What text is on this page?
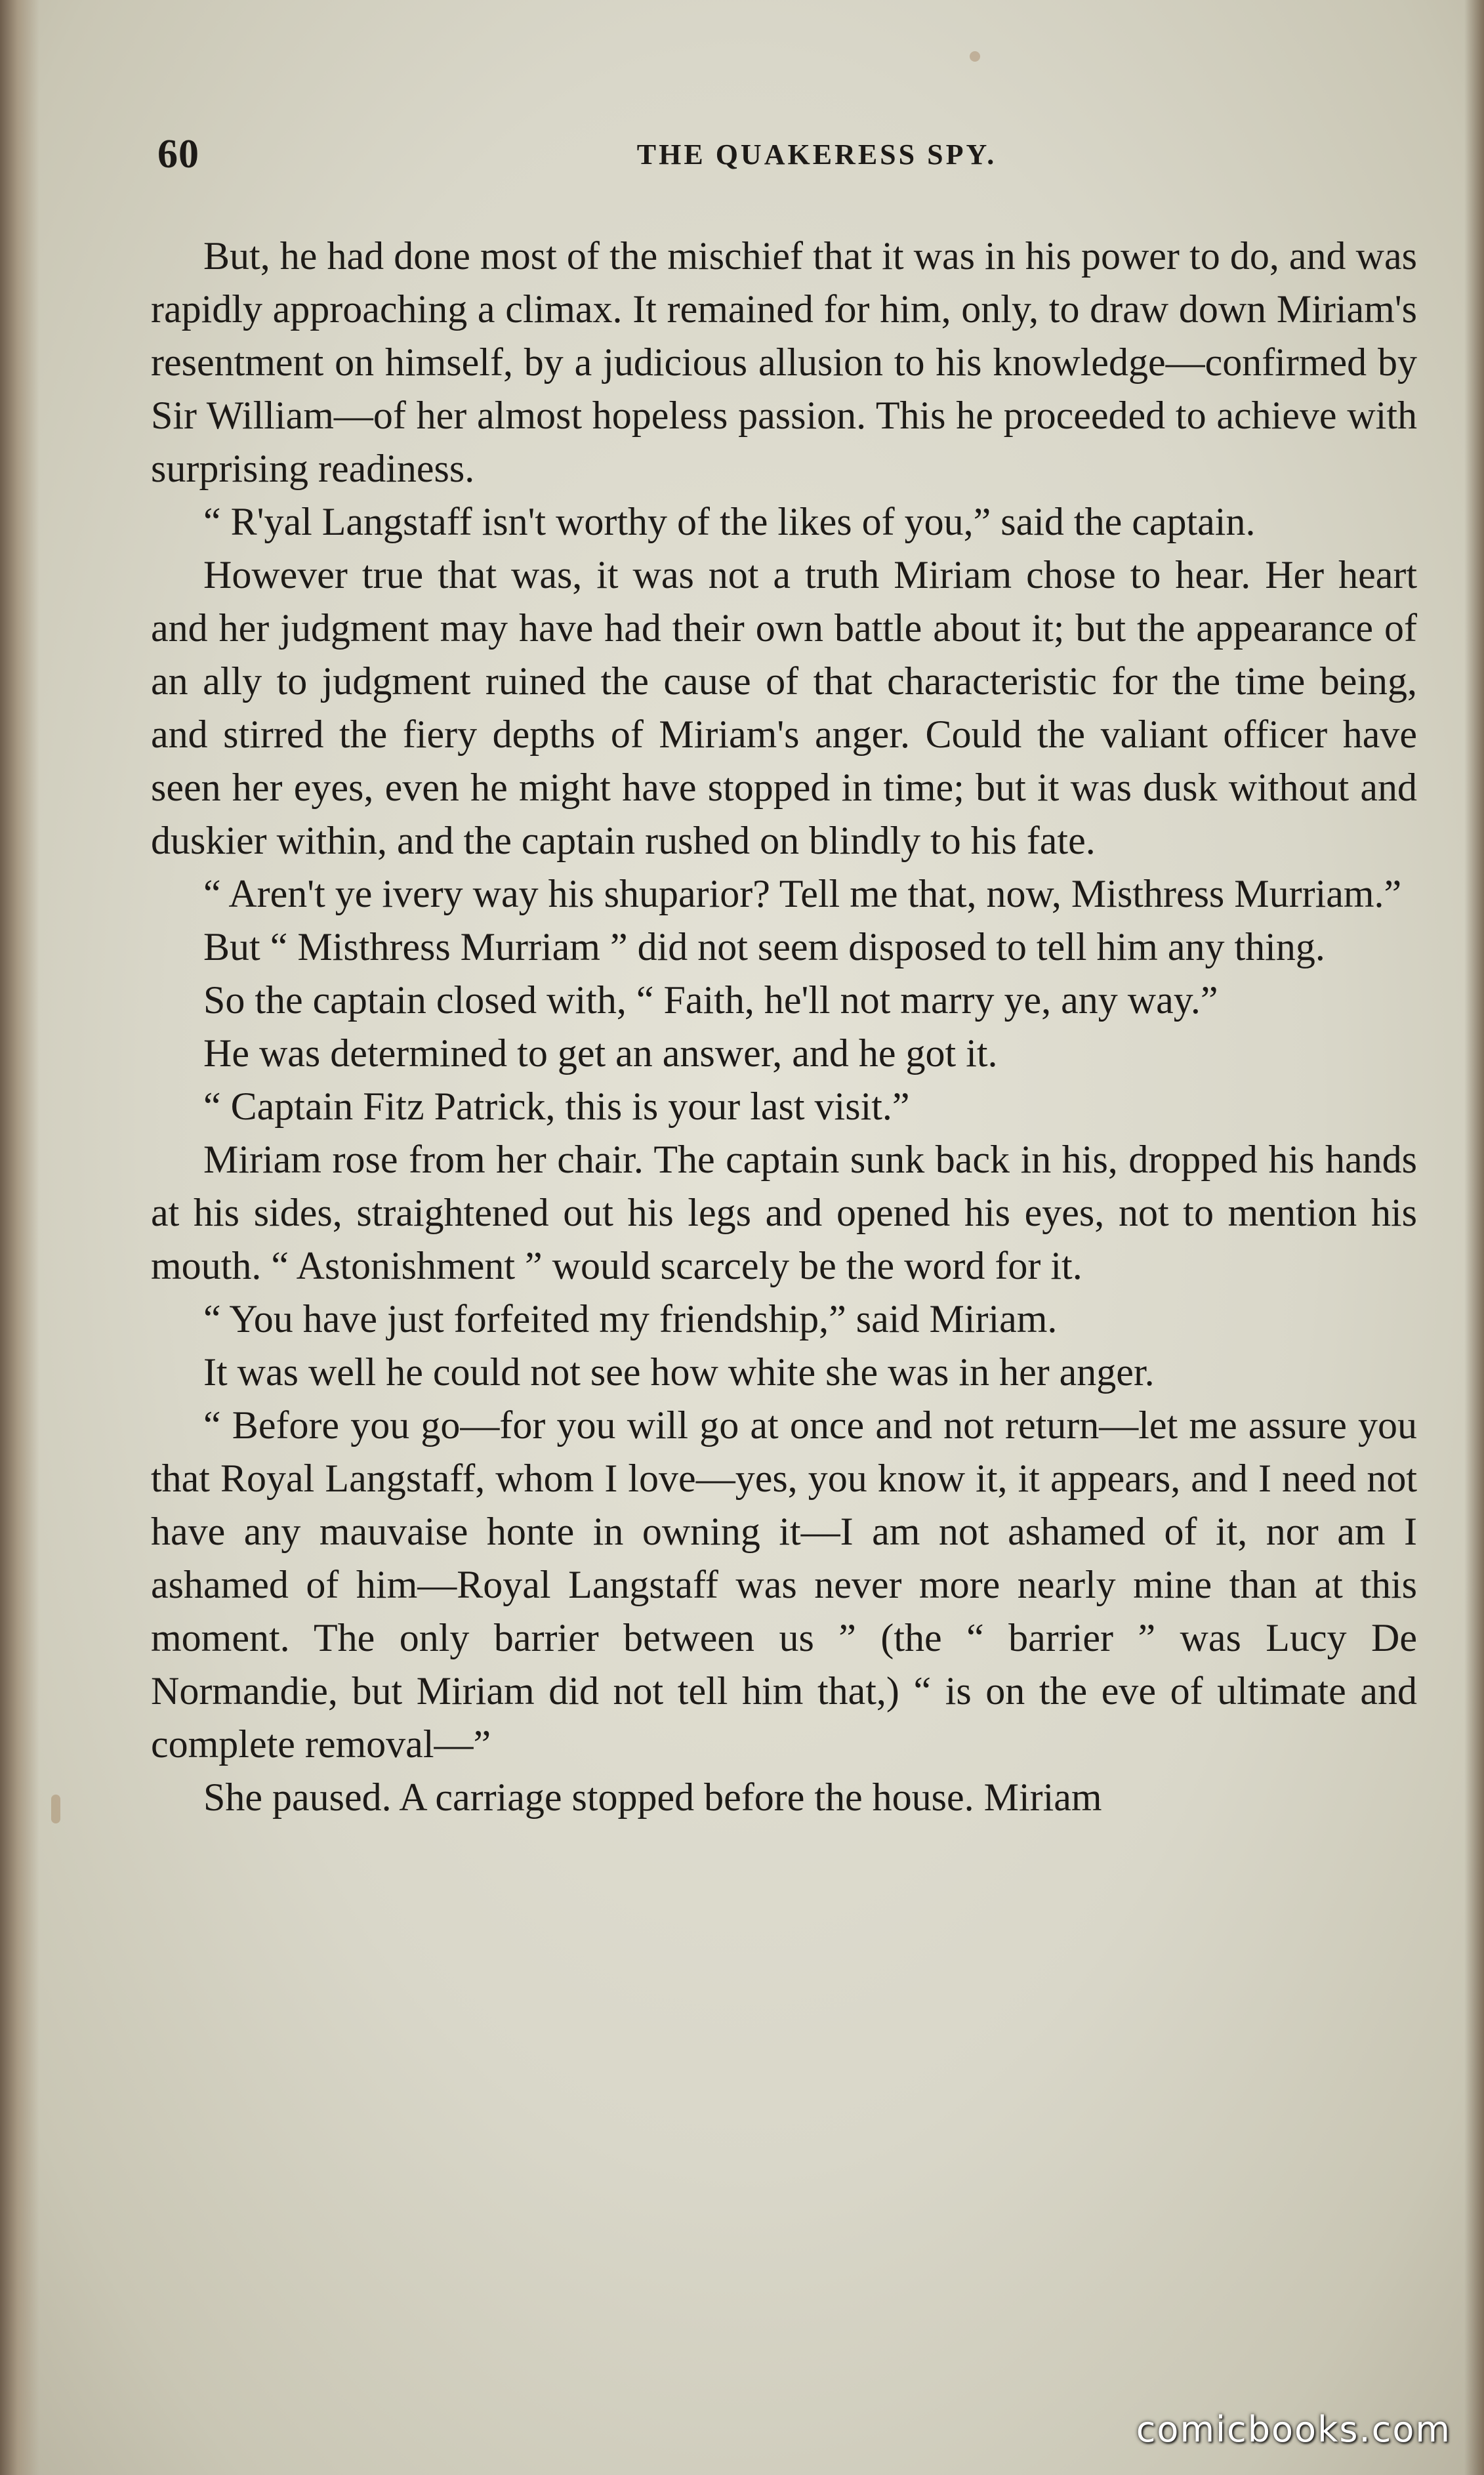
60	THE QUAKERESS SPY.

But, he had done most of the mischief that it was in his power to do, and was rapidly approaching a climax. It remained for him, only, to draw down Miriam's resentment on himself, by a judicious allusion to his knowledge—confirmed by Sir William—of her almost hopeless passion. This he proceeded to achieve with surprising readiness.

“ R'yal Langstaff isn't worthy of the likes of you,” said the captain.

However true that was, it was not a truth Miriam chose to hear. Her heart and her judgment may have had their own battle about it; but the appearance of an ally to judgment ruined the cause of that characteristic for the time being, and stirred the fiery depths of Miriam's anger. Could the valiant officer have seen her eyes, even he might have stopped in time; but it was dusk without and duskier within, and the captain rushed on blindly to his fate.

“ Aren't ye ivery way his shuparior? Tell me that, now, Misthress Murriam.”

But “ Misthress Murriam ” did not seem disposed to tell him any thing.

So the captain closed with, “ Faith, he'll not marry ye, any way.”

He was determined to get an answer, and he got it.

“ Captain Fitz Patrick, this is your last visit.”

Miriam rose from her chair. The captain sunk back in his, dropped his hands at his sides, straightened out his legs and opened his eyes, not to mention his mouth. “ Astonishment ” would scarcely be the word for it.

“ You have just forfeited my friendship,” said Miriam.

It was well he could not see how white she was in her anger.

“ Before you go—for you will go at once and not return—let me assure you that Royal Langstaff, whom I love—yes, you know it, it appears, and I need not have any mauvaise honte in owning it—I am not ashamed of it, nor am I ashamed of him—Royal Langstaff was never more nearly mine than at this moment. The only barrier between us ” (the “ barrier ” was Lucy De Normandie, but Miriam did not tell him that,) “ is on the eve of ultimate and complete removal—”

She paused. A carriage stopped before the house. Miriam

comicbooks.com
